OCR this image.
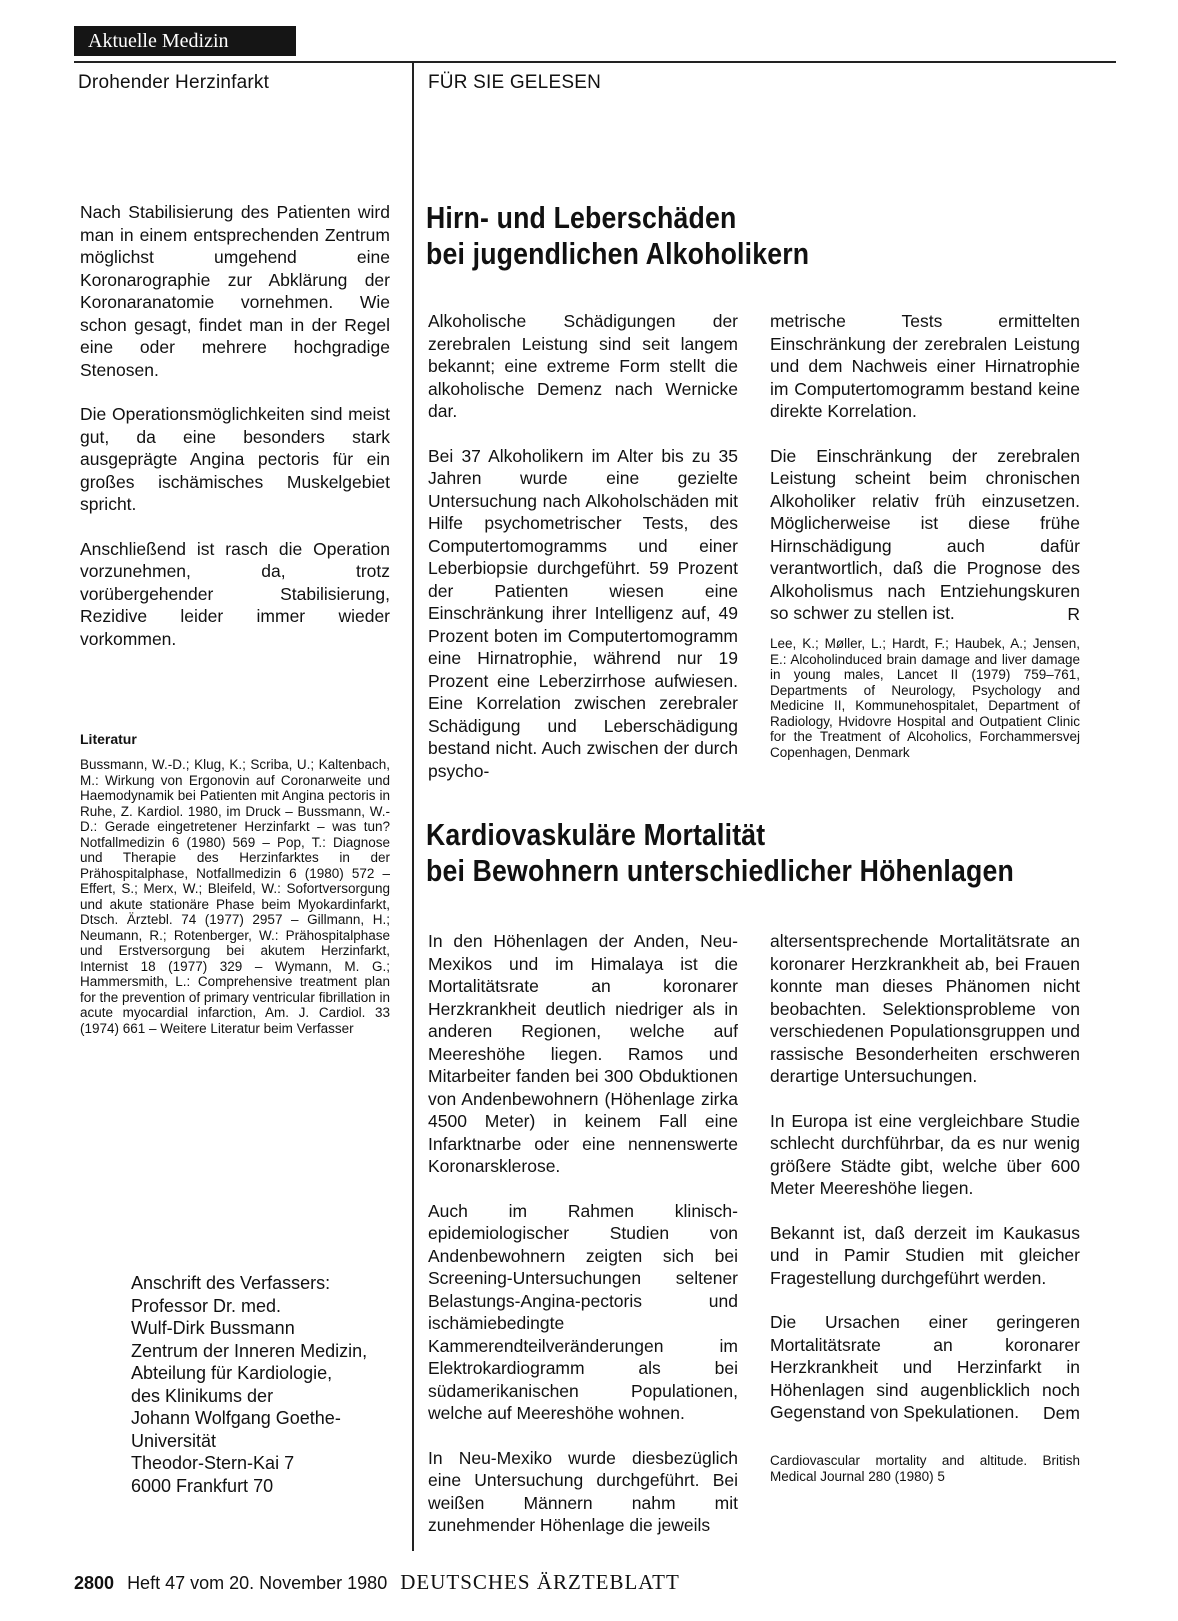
Aktuelle Medizin
Drohender Herzinfarkt	FÜR SIE GELESEN

Nach Stabilisierung des Patienten wird man in einem entsprechenden Zentrum möglichst umgehend eine Koronarographie zur Abklärung der Koronaranatomie vornehmen. Wie schon gesagt, findet man in der Regel eine oder mehrere hochgradige Stenosen.

Die Operationsmöglichkeiten sind meist gut, da eine besonders stark ausgeprägte Angina pectoris für ein großes ischämisches Muskelgebiet spricht.

Anschließend ist rasch die Operation vorzunehmen, da, trotz vorübergehender Stabilisierung, Rezidive leider immer wieder vorkommen.

Literatur

Bussmann, W.-D.; Klug, K.; Scriba, U.; Kaltenbach, M.: Wirkung von Ergonovin auf Coronarweite und Haemodynamik bei Patienten mit Angina pectoris in Ruhe, Z. Kardiol. 1980, im Druck – Bussmann, W.-D.: Gerade eingetretener Herzinfarkt – was tun? Notfallmedizin 6 (1980) 569 – Pop, T.: Diagnose und Therapie des Herzinfarktes in der Prähospitalphase, Notfallmedizin 6 (1980) 572 – Effert, S.; Merx, W.; Bleifeld, W.: Sofortversorgung und akute stationäre Phase beim Myokardinfarkt, Dtsch. Ärztebl. 74 (1977) 2957 – Gillmann, H.; Neumann, R.; Rotenberger, W.: Prähospitalphase und Erstversorgung bei akutem Herzinfarkt, Internist 18 (1977) 329 – Wymann, M. G.; Hammersmith, L.: Comprehensive treatment plan for the prevention of primary ventricular fibrillation in acute myocardial infarction, Am. J. Cardiol. 33 (1974) 661 – Weitere Literatur beim Verfasser

Anschrift des Verfassers:
Professor Dr. med.
Wulf-Dirk Bussmann
Zentrum der Inneren Medizin,
Abteilung für Kardiologie,
des Klinikums der
Johann Wolfgang Goethe-
Universität
Theodor-Stern-Kai 7
6000 Frankfurt 70
Hirn- und Leberschäden
bei jugendlichen Alkoholikern

Alkoholische Schädigungen der zerebralen Leistung sind seit langem bekannt; eine extreme Form stellt die alkoholische Demenz nach Wernicke dar.

Bei 37 Alkoholikern im Alter bis zu 35 Jahren wurde eine gezielte Untersuchung nach Alkoholschäden mit Hilfe psychometrischer Tests, des Computertomogramms und einer Leberbiopsie durchgeführt. 59 Prozent der Patienten wiesen eine Einschränkung ihrer Intelligenz auf, 49 Prozent boten im Computertomogramm eine Hirnatrophie, während nur 19 Prozent eine Leberzirrhose aufwiesen. Eine Korrelation zwischen zerebraler Schädigung und Leberschädigung bestand nicht. Auch zwischen der durch psycho-

metrische Tests ermittelten Einschränkung der zerebralen Leistung und dem Nachweis einer Hirnatrophie im Computertomogramm bestand keine direkte Korrelation.

Die Einschränkung der zerebralen Leistung scheint beim chronischen Alkoholiker relativ früh einzusetzen. Möglicherweise ist diese frühe Hirnschädigung auch dafür verantwortlich, daß die Prognose des Alkoholismus nach Entziehungskuren so schwer zu stellen ist.	R

Lee, K.; Møller, L.; Hardt, F.; Haubek, A.; Jensen, E.: Alcoholinduced brain damage and liver damage in young males, Lancet II (1979) 759–761, Departments of Neurology, Psychology and Medicine II, Kommunehospitalet, Department of Radiology, Hvidovre Hospital and Outpatient Clinic for the Treatment of Alcoholics, Forchammersvej Copenhagen, Denmark

Kardiovaskuläre Mortalität
bei Bewohnern unterschiedlicher Höhenlagen

In den Höhenlagen der Anden, Neu-Mexikos und im Himalaya ist die Mortalitätsrate an koronarer Herzkrankheit deutlich niedriger als in anderen Regionen, welche auf Meereshöhe liegen. Ramos und Mitarbeiter fanden bei 300 Obduktionen von Andenbewohnern (Höhenlage zirka 4500 Meter) in keinem Fall eine Infarktnarbe oder eine nennenswerte Koronarsklerose.

Auch im Rahmen klinisch-epidemiologischer Studien von Andenbewohnern zeigten sich bei Screening-Untersuchungen seltener Belastungs-Angina-pectoris und ischämiebedingte Kammerendteilveränderungen im Elektrokardiogramm als bei südamerikanischen Populationen, welche auf Meereshöhe wohnen.

In Neu-Mexiko wurde diesbezüglich eine Untersuchung durchgeführt. Bei weißen Männern nahm mit zunehmender Höhenlage die jeweils

altersentsprechende Mortalitätsrate an koronarer Herzkrankheit ab, bei Frauen konnte man dieses Phänomen nicht beobachten. Selektionsprobleme von verschiedenen Populationsgruppen und rassische Besonderheiten erschweren derartige Untersuchungen.

In Europa ist eine vergleichbare Studie schlecht durchführbar, da es nur wenig größere Städte gibt, welche über 600 Meter Meereshöhe liegen.

Bekannt ist, daß derzeit im Kaukasus und in Pamir Studien mit gleicher Fragestellung durchgeführt werden.

Die Ursachen einer geringeren Mortalitätsrate an koronarer Herzkrankheit und Herzinfarkt in Höhenlagen sind augenblicklich noch Gegenstand von Spekulationen.	Dem

Cardiovascular mortality and altitude. British Medical Journal 280 (1980) 5

2800 Heft 47 vom 20. November 1980 DEUTSCHES ÄRZTEBLATT
